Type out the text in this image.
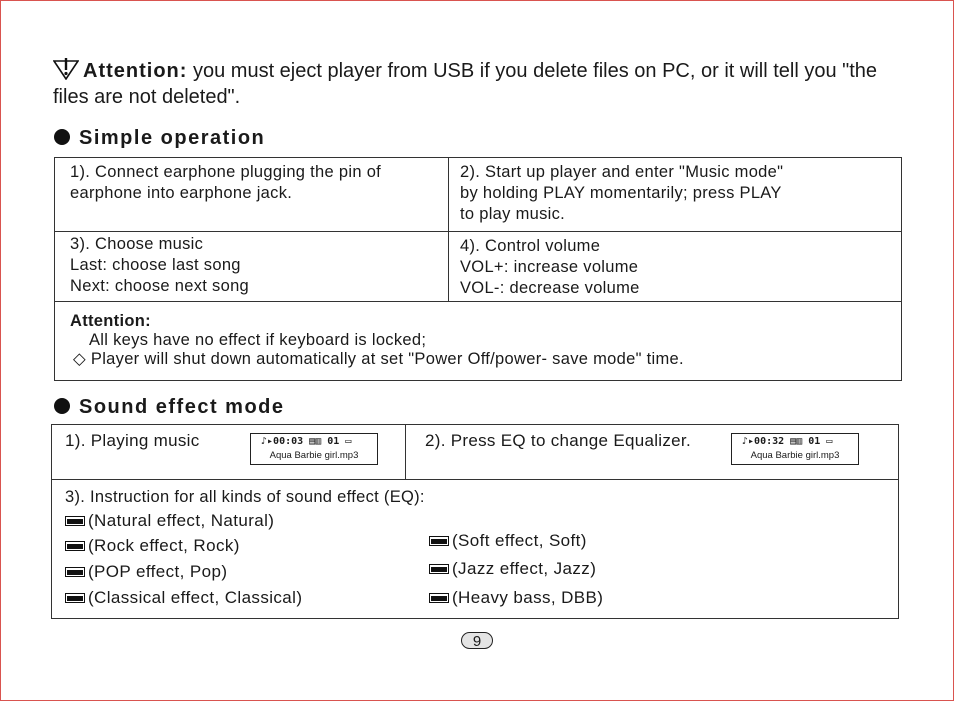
Attention: you must eject player from USB if you delete files on PC, or it will tell you "the files are not deleted".
Simple operation
1). Connect earphone plugging the pin of
earphone into earphone jack.
2). Start up player and enter "Music mode"
by holding PLAY momentarily; press PLAY
to play music.
3). Choose music
Last: choose last song
Next: choose next song
4). Control volume
VOL+: increase volume
VOL-: decrease volume
Attention:
All keys have no effect if keyboard is locked;
◇ Player will shut down automatically at set "Power Off/power- save mode" time.
Sound effect mode
1). Playing music	2). Press EQ to change Equalizer.
♪▸00:03 ▤▥ 01 ▭
Aqua Barbie girl.mp3
♪▸00:32 ▤▥ 01 ▭
Aqua Barbie girl.mp3
3). Instruction for all kinds of sound effect (EQ):
(Natural effect, Natural)
(Rock effect, Rock)
(POP effect, Pop)
(Classical effect, Classical)
(Soft effect, Soft)
(Jazz effect, Jazz)
(Heavy bass, DBB)
9
